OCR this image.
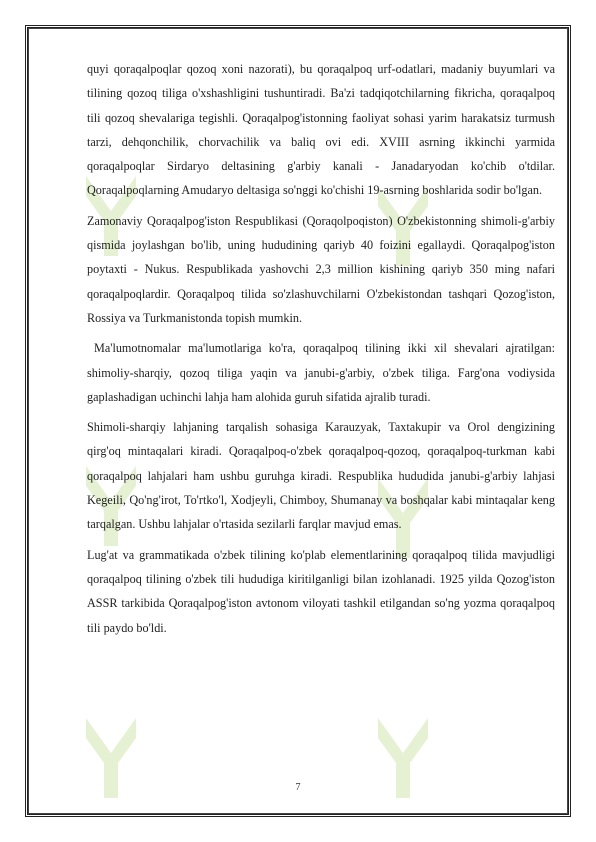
quyi qoraqalpoqlar qozoq xoni nazorati), bu qoraqalpoq urf-odatlari, madaniy buyumlari va tilining qozoq tiliga o'xshashligini tushuntiradi. Ba'zi tadqiqotchilarning fikricha, qoraqalpoq tili qozoq shevalariga tegishli. Qoraqalpog'istonning faoliyat sohasi yarim harakatsiz turmush tarzi, dehqonchilik, chorvachilik va baliq ovi edi. XVIII asrning ikkinchi yarmida qoraqalpoqlar Sirdaryo deltasining g'arbiy kanali - Janadaryodan ko'chib o'tdilar. Qoraqalpoqlarning Amudaryo deltasiga so'nggi ko'chishi 19-asrning boshlarida sodir bo'lgan.

Zamonaviy Qoraqalpog'iston Respublikasi (Qoraqolpoqiston) O'zbekistonning shimoli-g'arbiy qismida joylashgan bo'lib, uning hududining qariyb 40 foizini egallaydi. Qoraqalpog'iston poytaxti - Nukus. Respublikada yashovchi 2,3 million kishining qariyb 350 ming nafari qoraqalpoqlardir. Qoraqalpoq tilida so'zlashuvchilarni O'zbekistondan tashqari Qozog'iston, Rossiya va Turkmanistonda topish mumkin.

Ma'lumotnomalar ma'lumotlariga ko'ra, qoraqalpoq tilining ikki xil shevalari ajratilgan: shimoliy-sharqiy, qozoq tiliga yaqin va janubi-g'arbiy, o'zbek tiliga. Farg'ona vodiysida gaplashadigan uchinchi lahja ham alohida guruh sifatida ajralib turadi.

Shimoli-sharqiy lahjaning tarqalish sohasiga Karauzyak, Taxtakupir va Orol dengizining qirg'oq mintaqalari kiradi. Qoraqalpoq-o'zbek qoraqalpoq-qozoq, qoraqalpoq-turkman kabi qoraqalpoq lahjalari ham ushbu guruhga kiradi. Respublika hududida janubi-g'arbiy lahjasi Kegeili, Qo'ng'irot, To'rtko'l, Xodjeyli, Chimboy, Shumanay va boshqalar kabi mintaqalar keng tarqalgan. Ushbu lahjalar o'rtasida sezilarli farqlar mavjud emas.

Lug'at va grammatikada o'zbek tilining ko'plab elementlarining qoraqalpoq tilida mavjudligi qoraqalpoq tilining o'zbek tili hududiga kiritilganligi bilan izohlanadi. 1925 yilda Qozog'iston ASSR tarkibida Qoraqalpog'iston avtonom viloyati tashkil etilgandan so'ng yozma qoraqalpoq tili paydo bo'ldi.

7
